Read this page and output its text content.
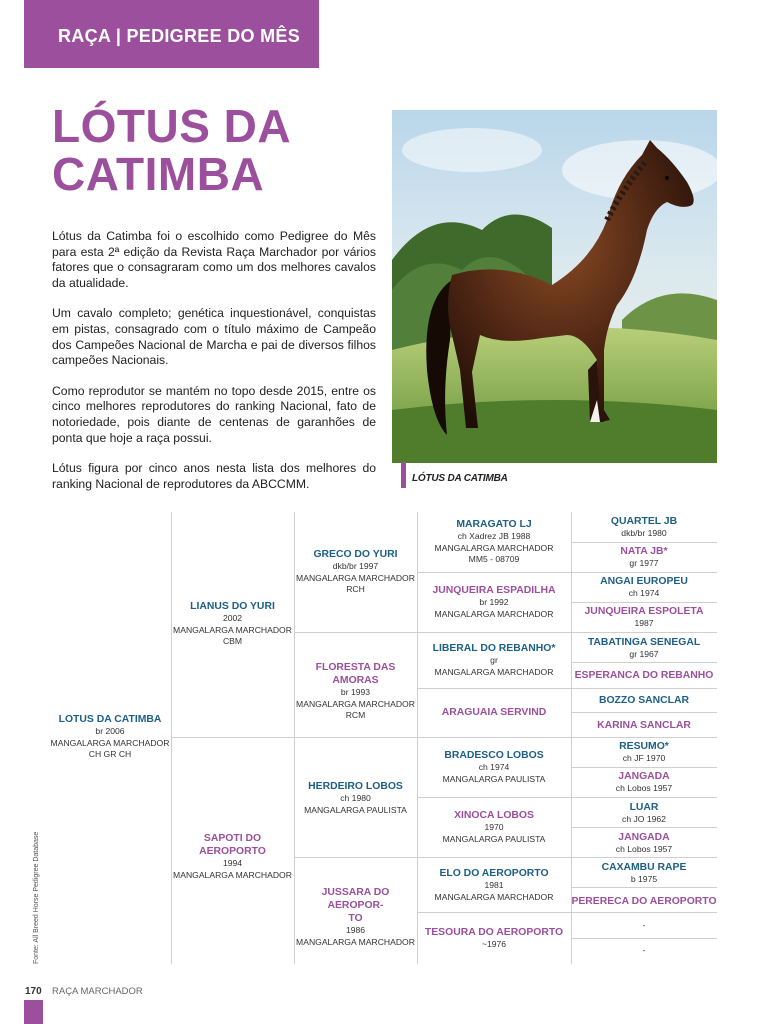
RAÇA | PEDIGREE DO MÊS
LÓTUS DA
CATIMBA

Lótus da Catimba foi o escolhido como Pedigree do Mês para esta 2ª edição da Revista Raça Marchador por vários fatores que o consagraram como um dos melhores cavalos da atualidade.

Um cavalo completo; genética inquestionável, conquistas em pistas, consagrado com o título máximo de Campeão dos Campeões Nacional de Marcha e pai de diversos filhos campeões Nacionais.

Como reprodutor se mantém no topo desde 2015, entre os cinco melhores reprodutores do ranking Nacional, fato de notoriedade, pois diante de centenas de garanhões de ponta que hoje a raça possui.

Lótus figura por cinco anos nesta lista dos melhores do ranking Nacional de reprodutores da ABCCMM.	LÓTUS DA CATIMBA
LOTUS DA CATIMBA
br 2006
MANGALARGA MARCHADOR
CH GR CH
LIANUS DO YURI
2002
MANGALARGA MARCHADOR
CBM
SAPOTI DO AEROPORTO
1994
MANGALARGA MARCHADOR
GRECO DO YURI
dkb/br 1997
MANGALARGA MARCHADOR
RCH
FLORESTA DAS AMORAS
br 1993
MANGALARGA MARCHADOR
RCM
HERDEIRO LOBOS
ch 1980
MANGALARGA PAULISTA
JUSSARA DO AEROPOR-
TO
1986
MANGALARGA MARCHADOR
MARAGATO LJ
ch Xadrez JB 1988
MANGALARGA MARCHADOR
MM5 - 08709
JUNQUEIRA ESPADILHA
br 1992
MANGALARGA MARCHADOR
LIBERAL DO REBANHO*
gr
MANGALARGA MARCHADOR
ARAGUAIA SERVIND
BRADESCO LOBOS
ch 1974
MANGALARGA PAULISTA
XINOCA LOBOS
1970
MANGALARGA PAULISTA
ELO DO AEROPORTO
1981
MANGALARGA MARCHADOR
TESOURA DO AEROPORTO
~1976
QUARTEL JB
dkb/br 1980
NATA JB*
gr 1977
ANGAI EUROPEU
ch 1974
JUNQUEIRA ESPOLETA
1987
TABATINGA SENEGAL
gr 1967
ESPERANCA DO REBANHO
BOZZO SANCLAR
KARINA SANCLAR
RESUMO*
ch JF 1970
JANGADA
ch Lobos 1957
LUAR
ch JO 1962
JANGADA
ch Lobos 1957
CAXAMBU RAPE
b 1975
PERERECA DO AEROPORTO
-
-
Fonte: All Breed Horse Pedigree Database
170 RAÇA MARCHADOR
